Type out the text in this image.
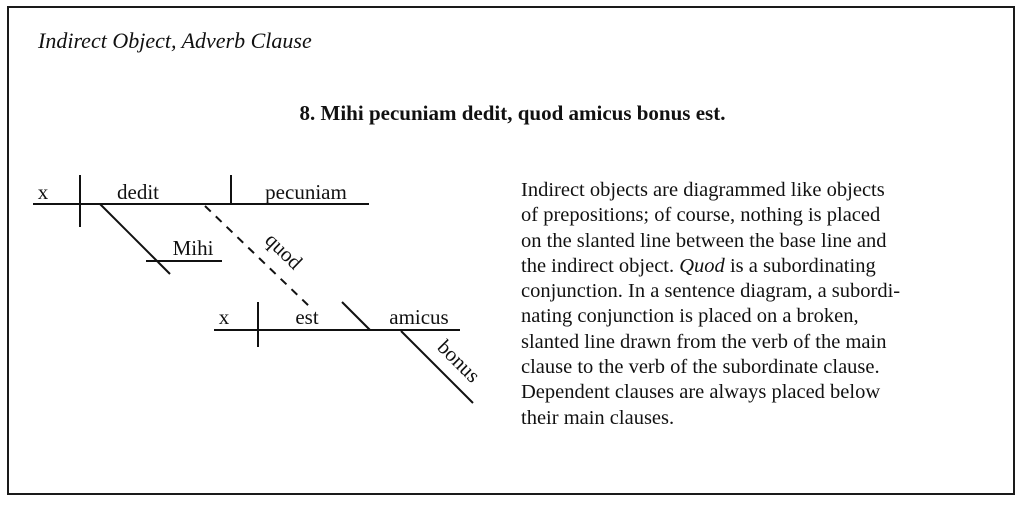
Indirect Object, Adverb Clause
8. Mihi pecuniam dedit, quod amicus bonus est.
x	dedit	pecuniam
Mihi quod
x	est	amicus
bonus

Indirect objects are diagrammed like objects
of prepositions; of course, nothing is placed
on the slanted line between the base line and
the indirect object. Quod is a subordinating
conjunction. In a sentence diagram, a subordi-
nating conjunction is placed on a broken,
slanted line drawn from the verb of the main
clause to the verb of the subordinate clause.
Dependent clauses are always placed below
their main clauses.
